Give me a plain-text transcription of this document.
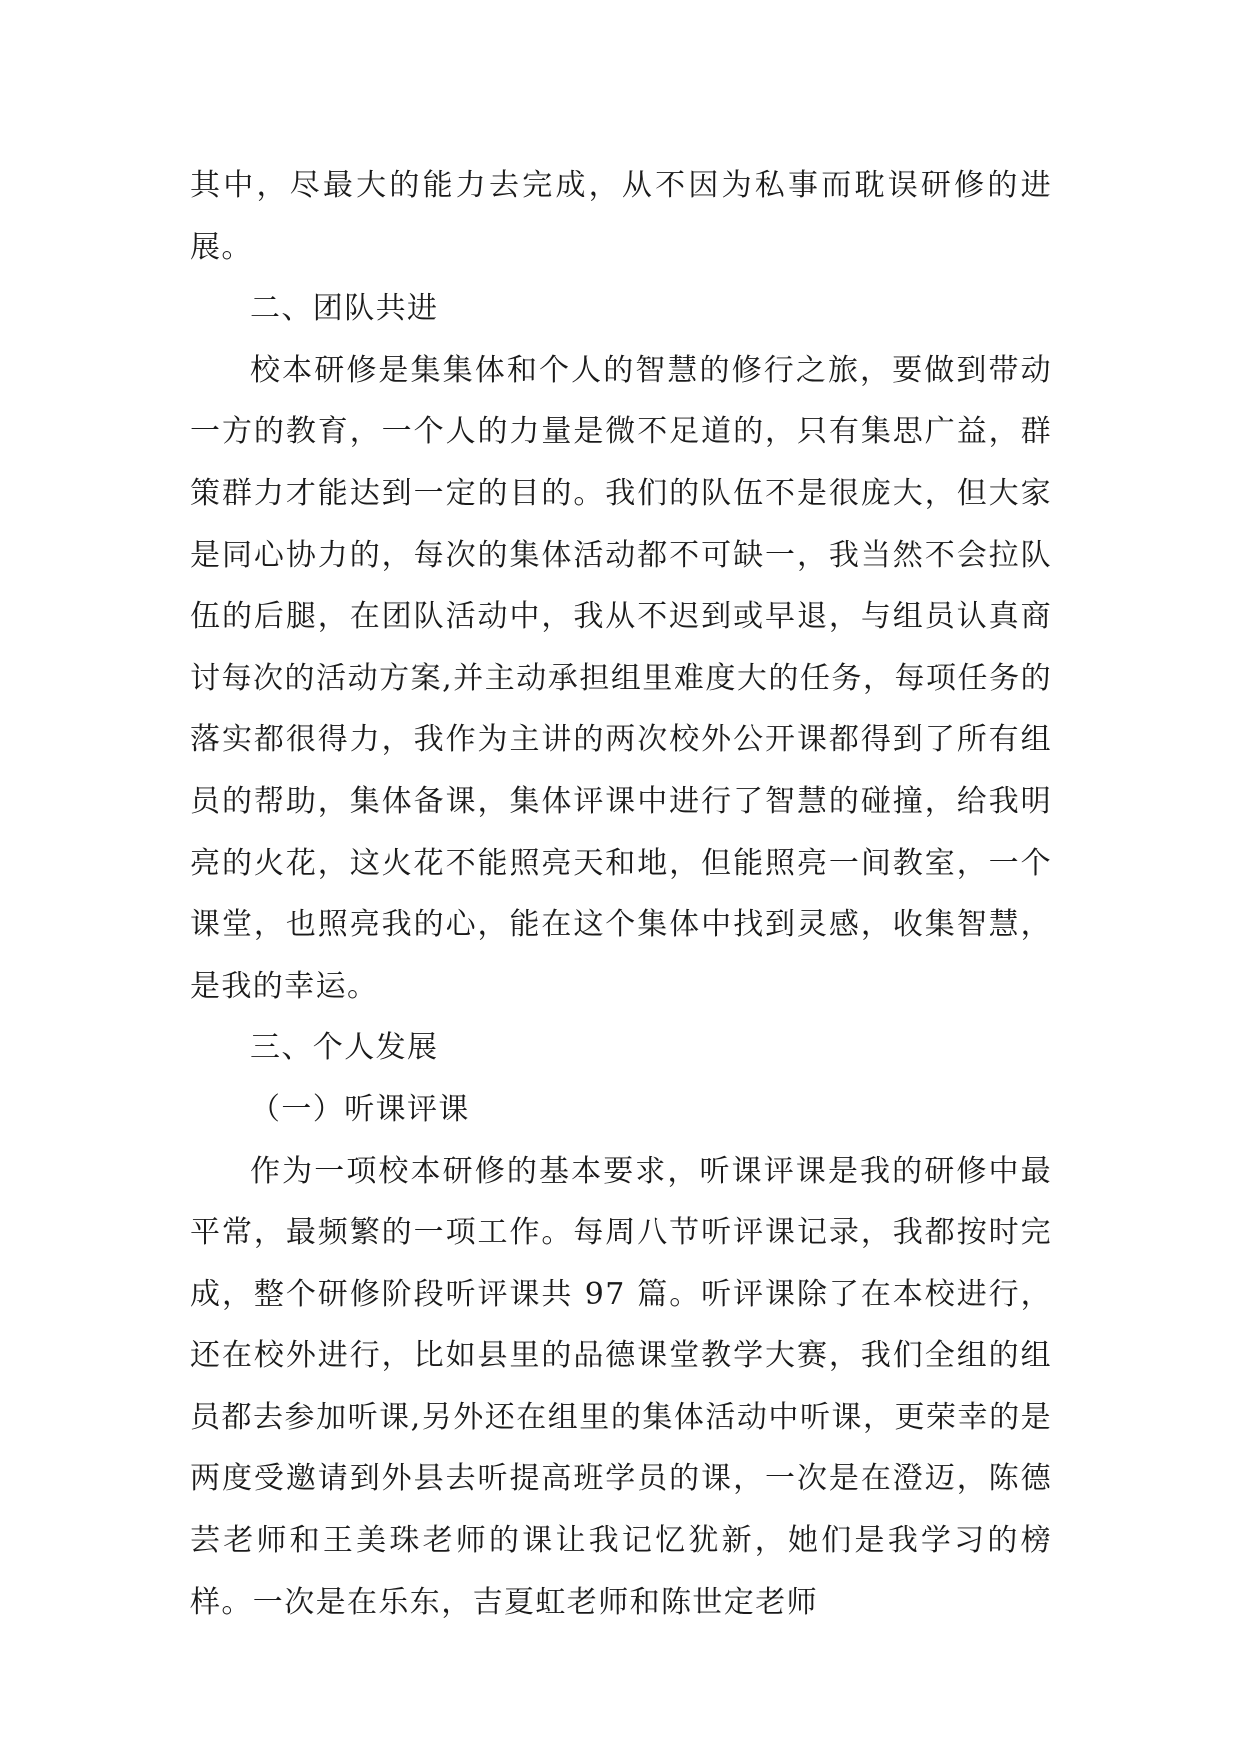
其中，尽最大的能力去完成，从不因为私事而耽误研修的进展。

二、团队共进

校本研修是集集体和个人的智慧的修行之旅，要做到带动一方的教育，一个人的力量是微不足道的，只有集思广益，群策群力才能达到一定的目的。我们的队伍不是很庞大，但大家是同心协力的，每次的集体活动都不可缺一，我当然不会拉队伍的后腿，在团队活动中，我从不迟到或早退，与组员认真商讨每次的活动方案,并主动承担组里难度大的任务，每项任务的落实都很得力，我作为主讲的两次校外公开课都得到了所有组员的帮助，集体备课，集体评课中进行了智慧的碰撞，给我明亮的火花，这火花不能照亮天和地，但能照亮一间教室，一个课堂，也照亮我的心，能在这个集体中找到灵感，收集智慧，是我的幸运。

三、个人发展

（一）听课评课

作为一项校本研修的基本要求，听课评课是我的研修中最平常，最频繁的一项工作。每周八节听评课记录，我都按时完成，整个研修阶段听评课共 97 篇。听评课除了在本校进行，还在校外进行，比如县里的品德课堂教学大赛，我们全组的组员都去参加听课,另外还在组里的集体活动中听课，更荣幸的是两度受邀请到外县去听提高班学员的课，一次是在澄迈，陈德芸老师和王美珠老师的课让我记忆犹新，她们是我学习的榜样。一次是在乐东，吉夏虹老师和陈世定老师
